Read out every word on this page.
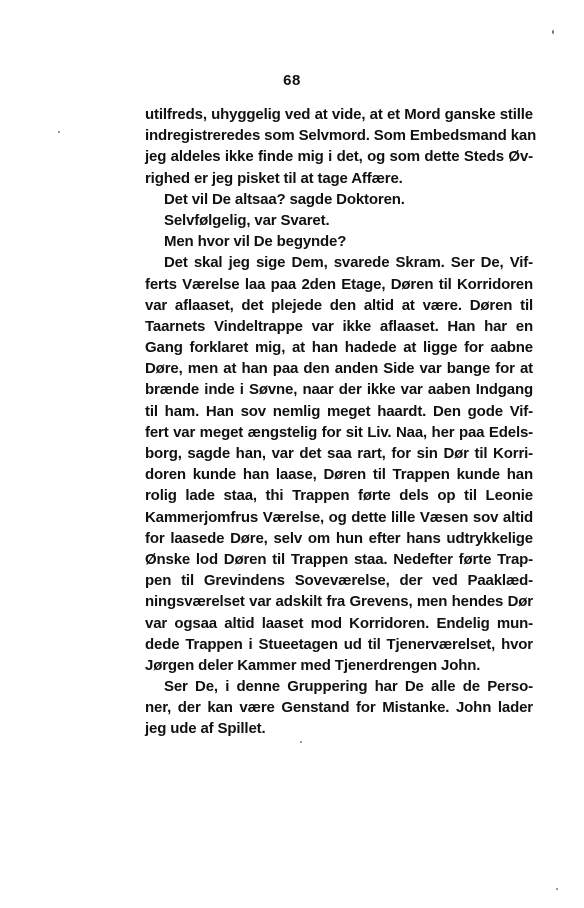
68
utilfreds, uhyggelig ved at vide, at et Mord ganske stille
indregistreredes som Selvmord. Som Embedsmand kan
jeg aldeles ikke finde mig i det, og som dette Steds Øv-
righed er jeg pisket til at tage Affære.
Det vil De altsaa? sagde Doktoren.
Selvfølgelig, var Svaret.
Men hvor vil De begynde?
Det skal jeg sige Dem, svarede Skram. Ser De, Vif-
ferts Værelse laa paa 2den Etage, Døren til Korridoren
var aflaaset, det plejede den altid at være. Døren til
Taarnets Vindeltrappe var ikke aflaaset. Han har en
Gang forklaret mig, at han hadede at ligge for aabne
Døre, men at han paa den anden Side var bange for at
brænde inde i Søvne, naar der ikke var aaben Indgang
til ham. Han sov nemlig meget haardt. Den gode Vif-
fert var meget ængstelig for sit Liv. Naa, her paa Edels-
borg, sagde han, var det saa rart, for sin Dør til Korri-
doren kunde han laase, Døren til Trappen kunde han
rolig lade staa, thi Trappen førte dels op til Leonie
Kammerjomfrus Værelse, og dette lille Væsen sov altid
for laasede Døre, selv om hun efter hans udtrykkelige
Ønske lod Døren til Trappen staa. Nedefter førte Trap-
pen til Grevindens Soveværelse, der ved Paaklæd-
ningsværelset var adskilt fra Grevens, men hendes Dør
var ogsaa altid laaset mod Korridoren. Endelig mun-
dede Trappen i Stueetagen ud til Tjenerværelset, hvor
Jørgen deler Kammer med Tjenerdrengen John.
Ser De, i denne Gruppering har De alle de Perso-
ner, der kan være Genstand for Mistanke. John lader
jeg ude af Spillet.
